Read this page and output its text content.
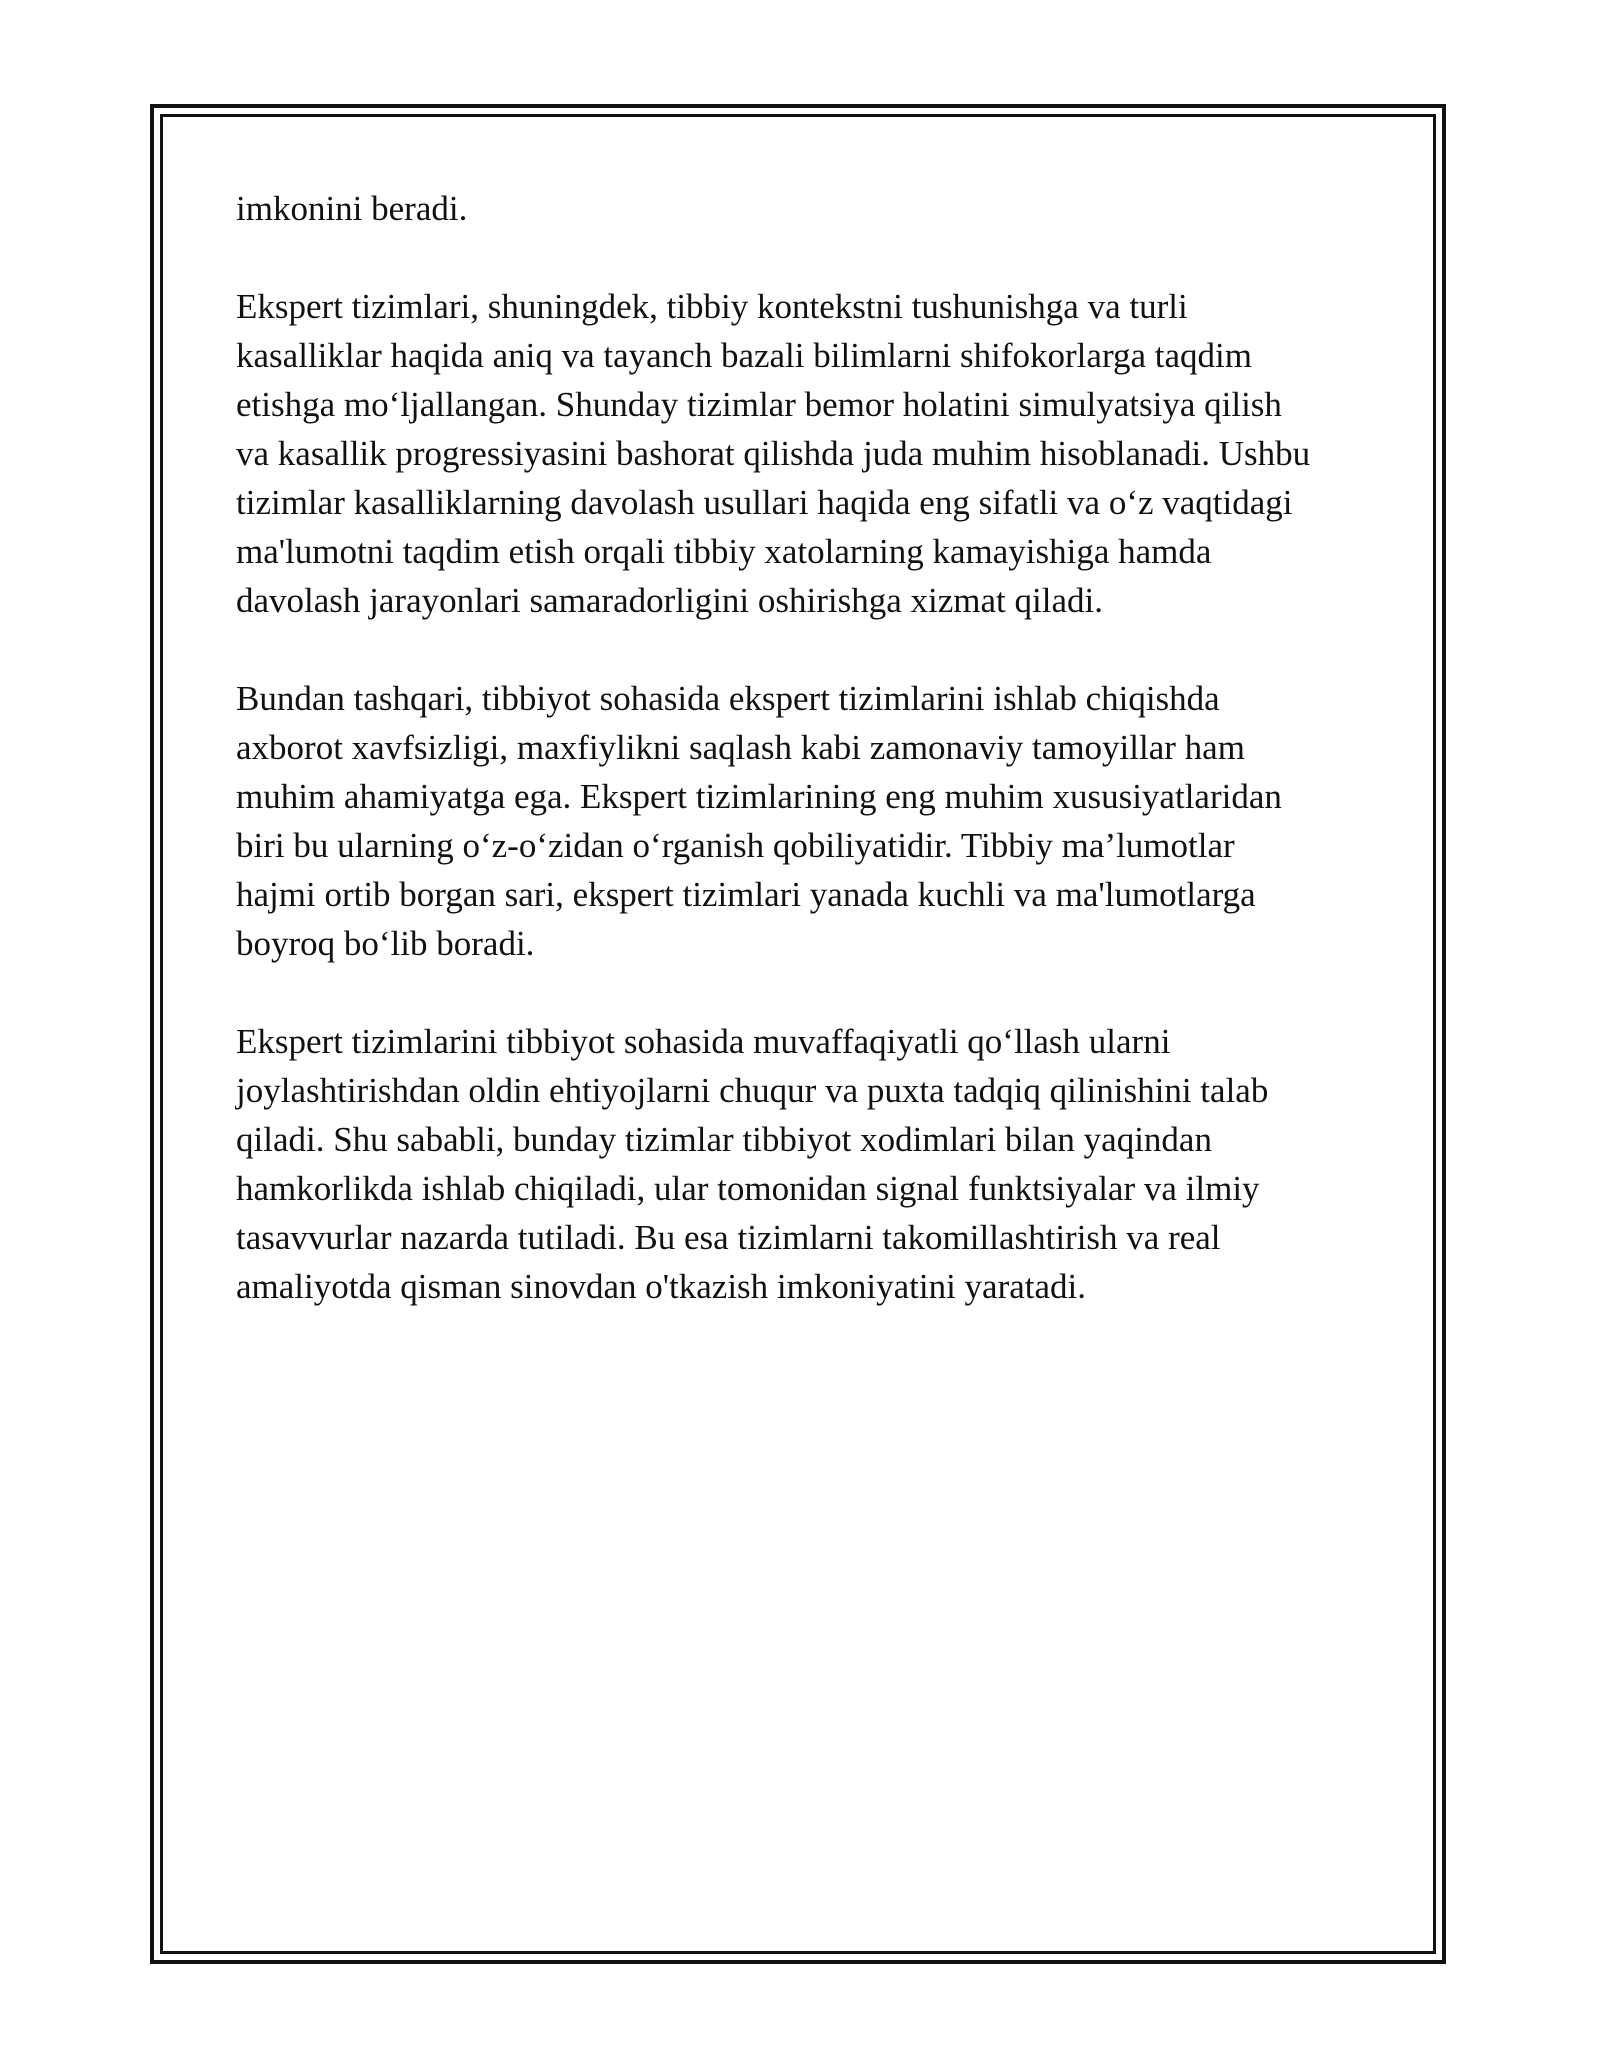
imkonini beradi.

Ekspert tizimlari, shuningdek, tibbiy kontekstni tushunishga va turli
kasalliklar haqida aniq va tayanch bazali bilimlarni shifokorlarga taqdim
etishga mo‘ljallangan. Shunday tizimlar bemor holatini simulyatsiya qilish
va kasallik progressiyasini bashorat qilishda juda muhim hisoblanadi. Ushbu
tizimlar kasalliklarning davolash usullari haqida eng sifatli va o‘z vaqtidagi
ma'lumotni taqdim etish orqali tibbiy xatolarning kamayishiga hamda
davolash jarayonlari samaradorligini oshirishga xizmat qiladi.

Bundan tashqari, tibbiyot sohasida ekspert tizimlarini ishlab chiqishda
axborot xavfsizligi, maxfiylikni saqlash kabi zamonaviy tamoyillar ham
muhim ahamiyatga ega. Ekspert tizimlarining eng muhim xususiyatlaridan
biri bu ularning o‘z-o‘zidan o‘rganish qobiliyatidir. Tibbiy ma’lumotlar
hajmi ortib borgan sari, ekspert tizimlari yanada kuchli va ma'lumotlarga
boyroq bo‘lib boradi.

Ekspert tizimlarini tibbiyot sohasida muvaffaqiyatli qo‘llash ularni
joylashtirishdan oldin ehtiyojlarni chuqur va puxta tadqiq qilinishini talab
qiladi. Shu sababli, bunday tizimlar tibbiyot xodimlari bilan yaqindan
hamkorlikda ishlab chiqiladi, ular tomonidan signal funktsiyalar va ilmiy
tasavvurlar nazarda tutiladi. Bu esa tizimlarni takomillashtirish va real
amaliyotda qisman sinovdan o'tkazish imkoniyatini yaratadi.
